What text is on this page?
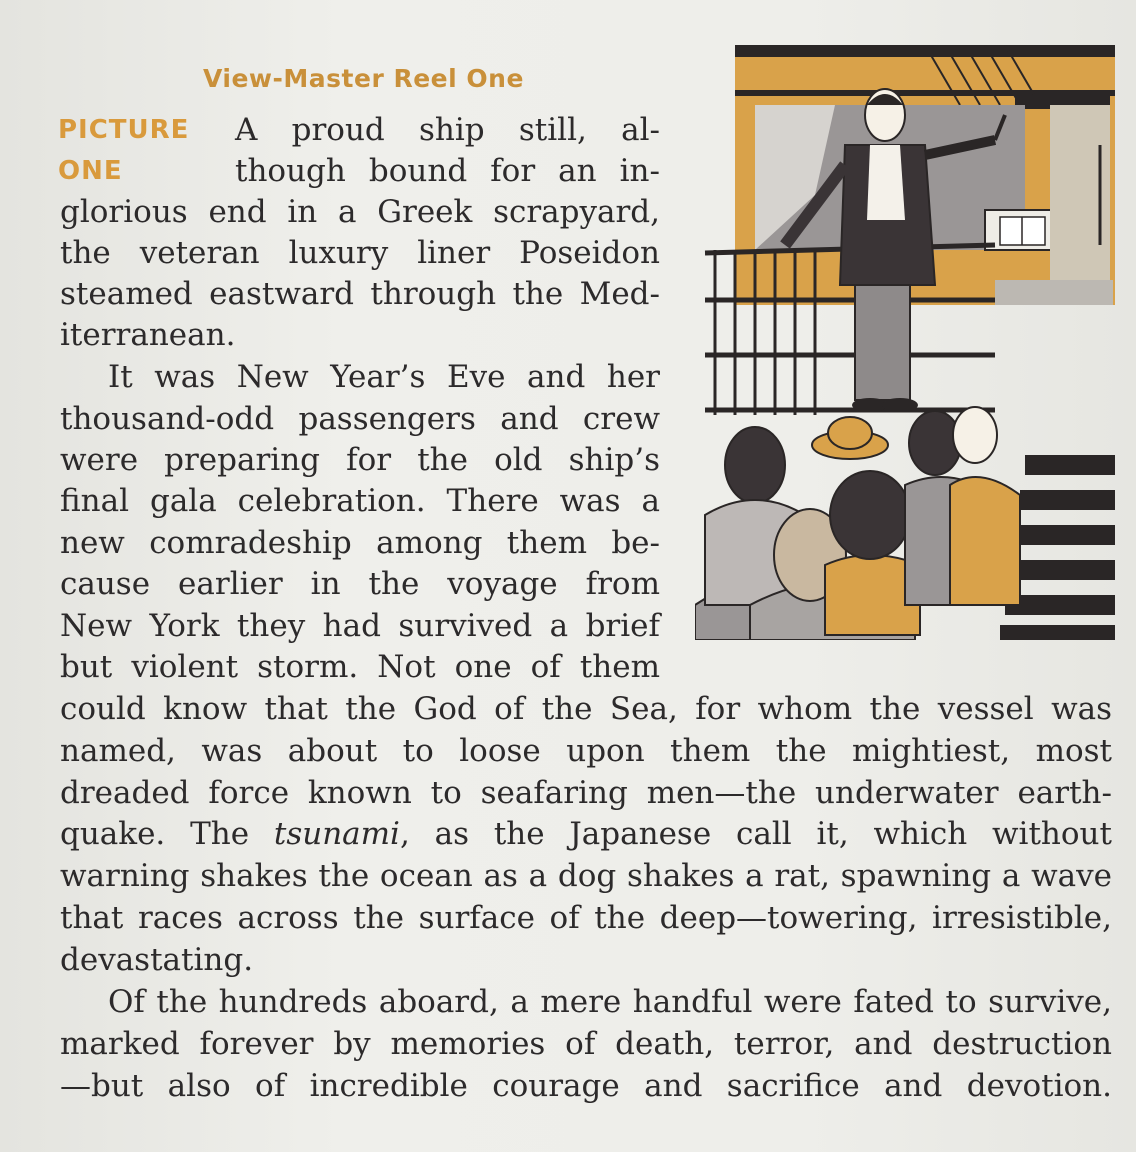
View-Master Reel One
PICTURE
ONE
A proud ship still, al-
though bound for an in-
glorious end in a Greek scrapyard,
the veteran luxury liner Poseidon
steamed eastward through the Med-
iterranean.
It was New Year’s Eve and her
thousand-odd passengers and crew
were preparing for the old ship’s
final gala celebration. There was a
new comradeship among them be-
cause earlier in the voyage from
New York they had survived a brief
but violent storm. Not one of them
could know that the God of the Sea, for whom the vessel was
named, was about to loose upon them the mightiest, most
dreaded force known to seafaring men—the underwater earth-
quake. The tsunami, as the Japanese call it, which without
warning shakes the ocean as a dog shakes a rat, spawning a wave
that races across the surface of the deep—towering, irresistible,
devastating.
Of the hundreds aboard, a mere handful were fated to survive,
marked forever by memories of death, terror, and destruction
—but also of incredible courage and sacrifice and devotion.
